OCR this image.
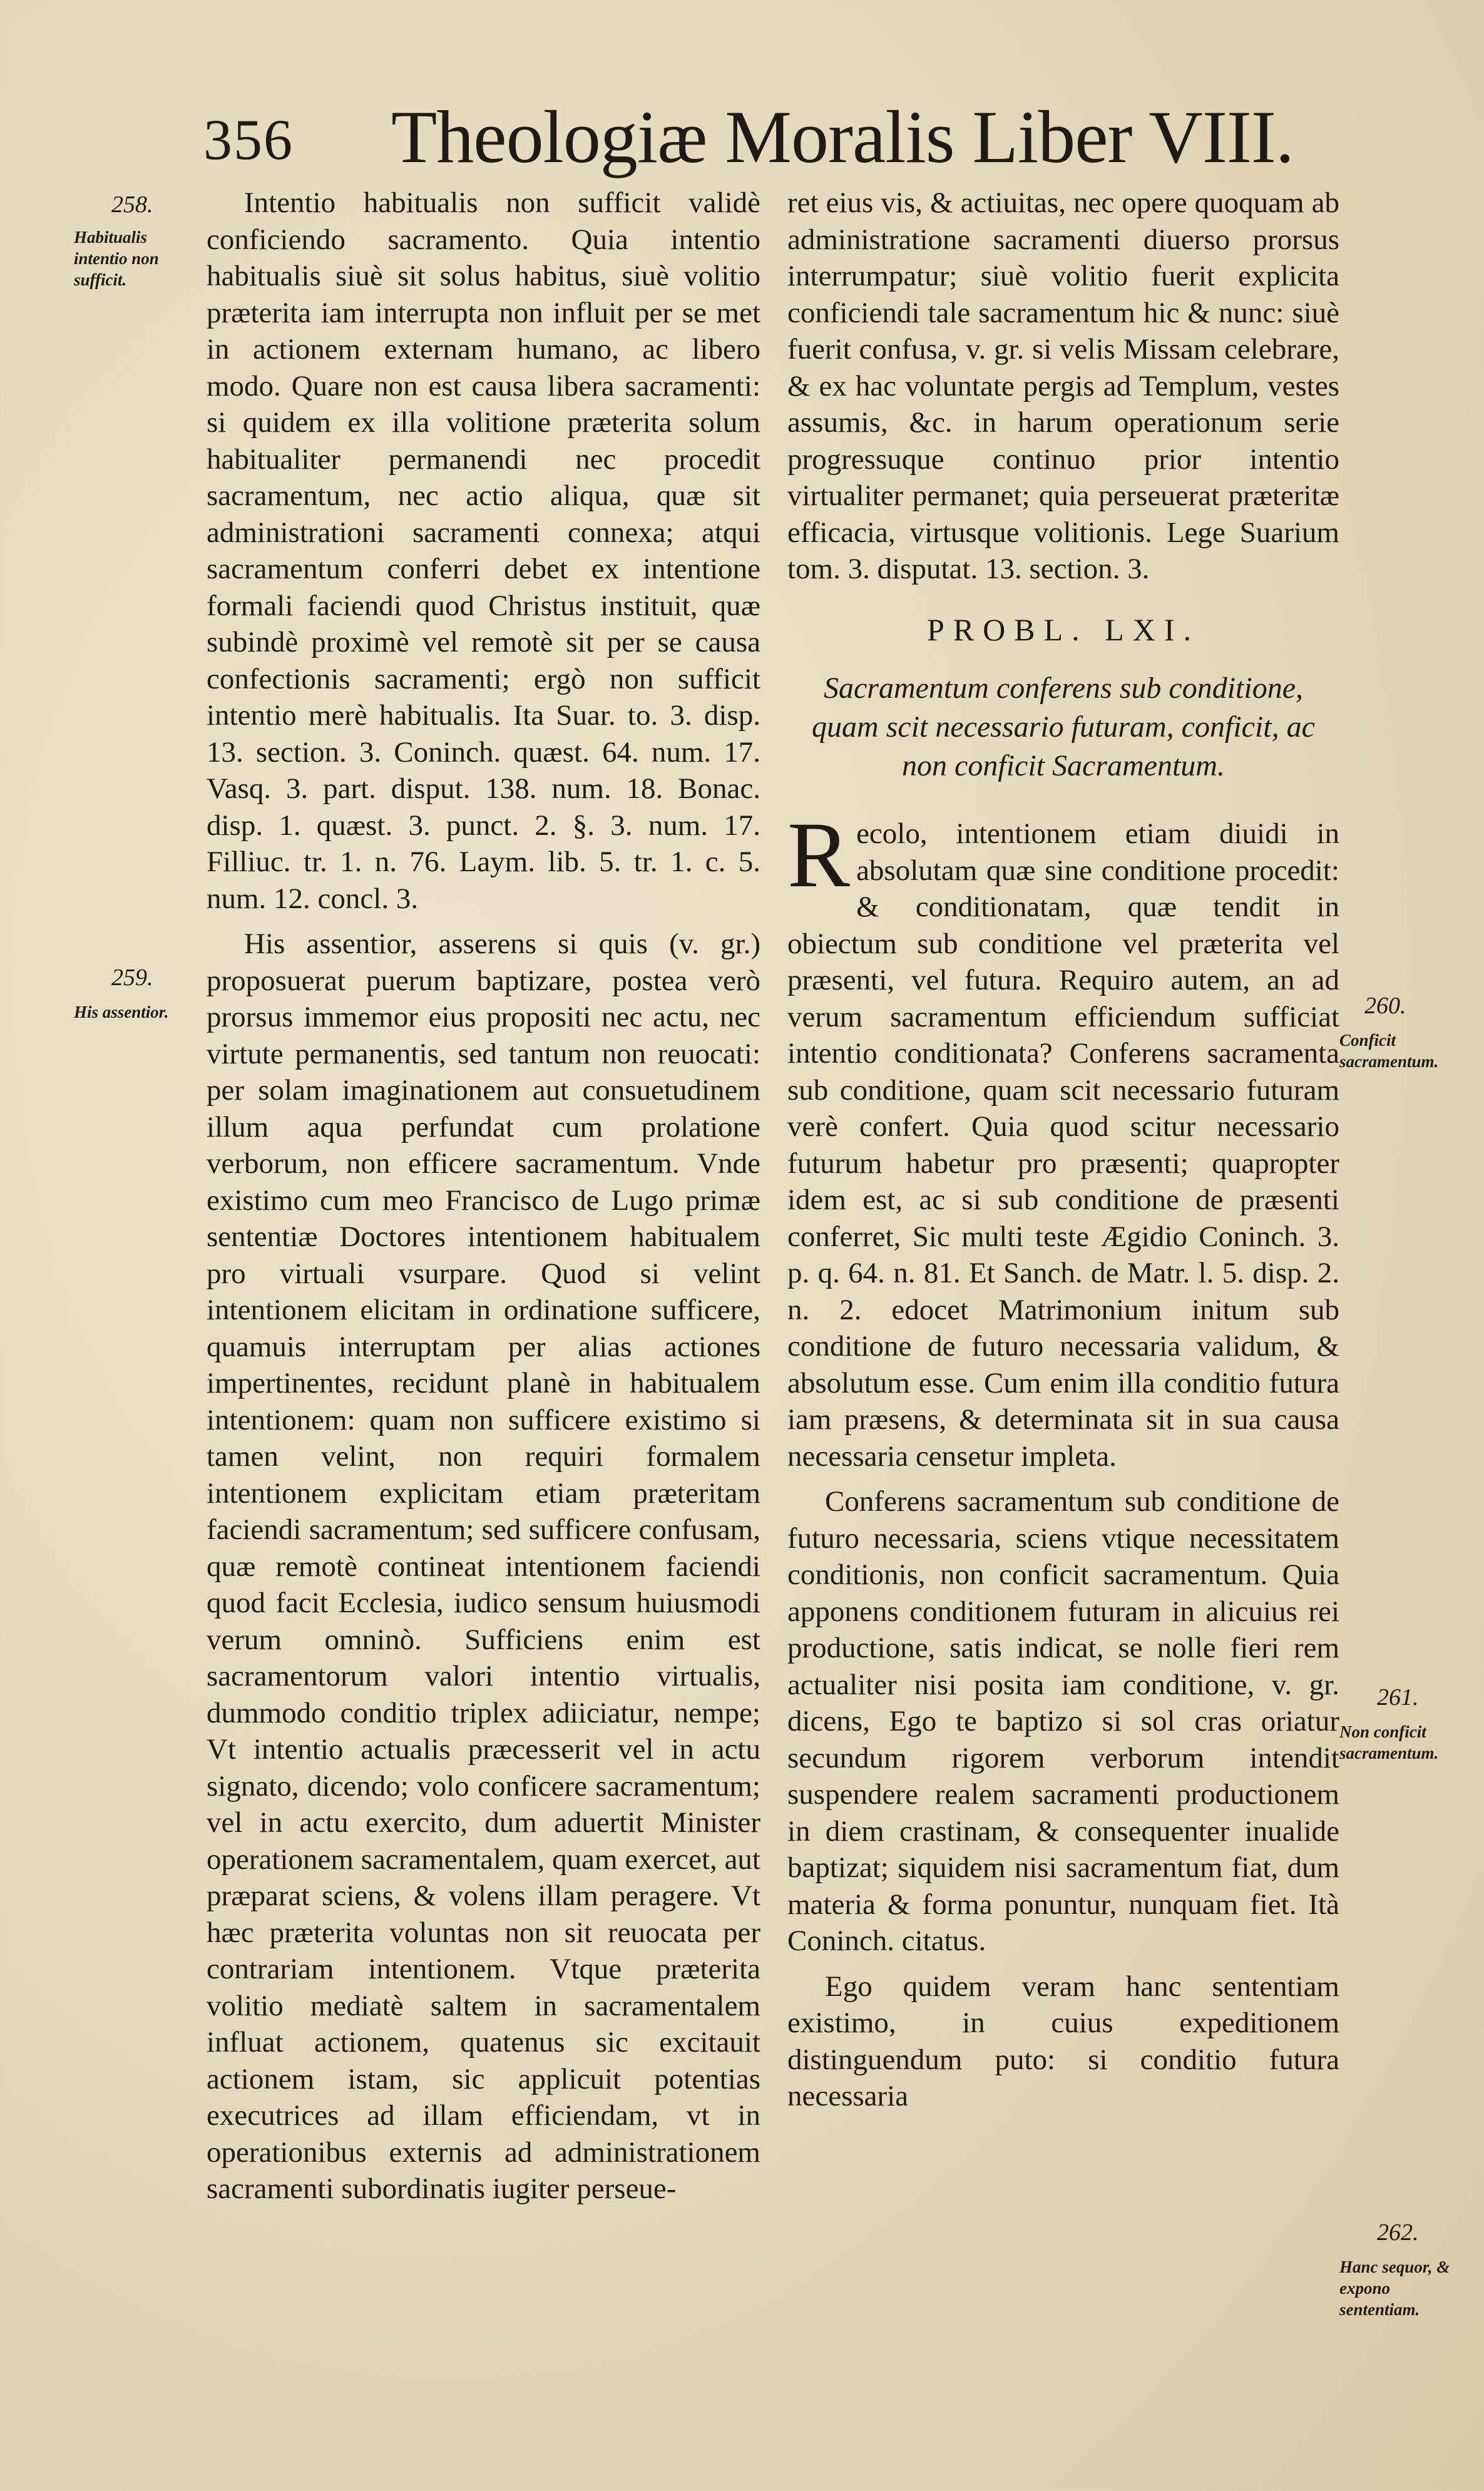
356 Theologiæ Moralis Liber VIII.
258.
Habitualis intentio non sufficit.
259.
His assentior.	260.
Conficit sacramentum.
261.
Non conficit sacramentum.
262.
Hanc sequor, & expono sententiam.

Intentio habitualis non sufficit validè conficiendo sacramento. Quia intentio habitualis siuè sit solus habitus, siuè volitio præterita iam interrupta non influit per se met in actionem externam humano, ac libero modo. Quare non est causa libera sacramenti: si quidem ex illa volitione præterita solum habitualiter permanendi nec procedit sacramentum, nec actio aliqua, quæ sit administrationi sacramenti connexa; atqui sacramentum conferri debet ex intentione formali faciendi quod Christus instituit, quæ subindè proximè vel remotè sit per se causa confectionis sacramenti; ergò non sufficit intentio merè habitualis. Ita Suar. to. 3. disp. 13. section. 3. Coninch. quæst. 64. num. 17. Vasq. 3. part. disput. 138. num. 18. Bonac. disp. 1. quæst. 3. punct. 2. §. 3. num. 17. Filliuc. tr. 1. n. 76. Laym. lib. 5. tr. 1. c. 5. num. 12. concl. 3.

His assentior, asserens si quis (v. gr.) proposuerat puerum baptizare, postea verò prorsus immemor eius propositi nec actu, nec virtute permanentis, sed tantum non reuocati: per solam imaginationem aut consuetudinem illum aqua perfundat cum prolatione verborum, non efficere sacramentum. Vnde existimo cum meo Francisco de Lugo primæ sententiæ Doctores intentionem habitualem pro virtuali vsurpare. Quod si velint intentionem elicitam in ordinatione sufficere, quamuis interruptam per alias actiones impertinentes, recidunt planè in habitualem intentionem: quam non sufficere existimo si tamen velint, non requiri formalem intentionem explicitam etiam præteritam faciendi sacramentum; sed sufficere confusam, quæ remotè contineat intentionem faciendi quod facit Ecclesia, iudico sensum huiusmodi verum omninò. Sufficiens enim est sacramentorum valori intentio virtualis, dummodo conditio triplex adiiciatur, nempe; Vt intentio actualis præcesserit vel in actu signato, dicendo; volo conficere sacramentum; vel in actu exercito, dum aduertit Minister operationem sacramentalem, quam exercet, aut præparat sciens, & volens illam peragere. Vt hæc præterita voluntas non sit reuocata per contrariam intentionem. Vtque præterita volitio mediatè saltem in sacramentalem influat actionem, quatenus sic excitauit actionem istam, sic applicuit potentias executrices ad illam efficiendam, vt in operationibus externis ad administrationem sacramenti subordinatis iugiter perseue-

ret eius vis, & actiuitas, nec opere quoquam ab administratione sacramenti diuerso prorsus interrumpatur; siuè volitio fuerit explicita conficiendi tale sacramentum hic & nunc: siuè fuerit confusa, v. gr. si velis Missam celebrare, & ex hac voluntate pergis ad Templum, vestes assumis, &c. in harum operationum serie progressuque continuo prior intentio virtualiter permanet; quia perseuerat præteritæ efficacia, virtusque volitionis. Lege Suarium tom. 3. disputat. 13. section. 3.

PROBL. LXI.

Sacramentum conferens sub conditione, quam scit necessario futuram, conficit, ac non conficit Sacramentum.

Recolo, intentionem etiam diuidi in absolutam quæ sine conditione procedit: & conditionatam, quæ tendit in obiectum sub conditione vel præterita vel præsenti, vel futura. Requiro autem, an ad verum sacramentum efficiendum sufficiat intentio conditionata? Conferens sacramenta sub conditione, quam scit necessario futuram verè confert. Quia quod scitur necessario futurum habetur pro præsenti; quapropter idem est, ac si sub conditione de præsenti conferret, Sic multi teste Ægidio Coninch. 3. p. q. 64. n. 81. Et Sanch. de Matr. l. 5. disp. 2. n. 2. edocet Matrimonium initum sub conditione de futuro necessaria validum, & absolutum esse. Cum enim illa conditio futura iam præsens, & determinata sit in sua causa necessaria censetur impleta.

Conferens sacramentum sub conditione de futuro necessaria, sciens vtique necessitatem conditionis, non conficit sacramentum. Quia apponens conditionem futuram in alicuius rei productione, satis indicat, se nolle fieri rem actualiter nisi posita iam conditione, v. gr. dicens, Ego te baptizo si sol cras oriatur secundum rigorem verborum intendit suspendere realem sacramenti productionem in diem crastinam, & consequenter inualide baptizat; siquidem nisi sacramentum fiat, dum materia & forma ponuntur, nunquam fiet. Ità Coninch. citatus.

Ego quidem veram hanc sententiam existimo, in cuius expeditionem distinguendum puto: si conditio futura necessaria
